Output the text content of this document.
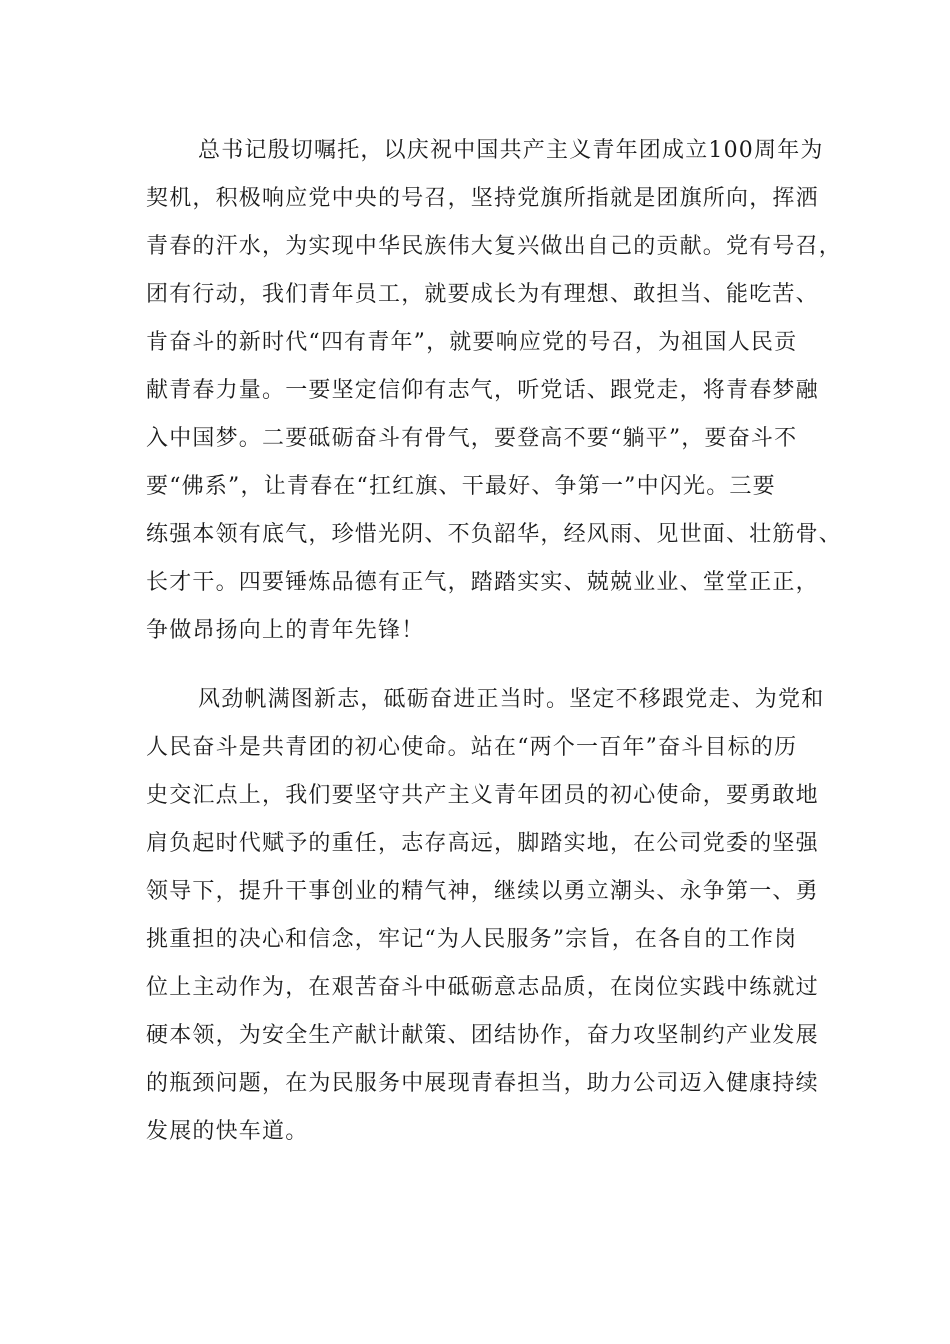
总书记殷切嘱托，以庆祝中国共产主义青年团成立100周年为
契机，积极响应党中央的号召，坚持党旗所指就是团旗所向，挥洒
青春的汗水，为实现中华民族伟大复兴做出自己的贡献。党有号召，
团有行动，我们青年员工，就要成长为有理想、敢担当、能吃苦、
肯奋斗的新时代“四有青年”，就要响应党的号召，为祖国人民贡
献青春力量。一要坚定信仰有志气，听党话、跟党走，将青春梦融
入中国梦。二要砥砺奋斗有骨气，要登高不要“躺平”，要奋斗不
要“佛系”，让青春在“扛红旗、干最好、争第一”中闪光。三要
练强本领有底气，珍惜光阴、不负韶华，经风雨、见世面、壮筋骨、
长才干。四要锤炼品德有正气，踏踏实实、兢兢业业、堂堂正正，
争做昂扬向上的青年先锋！
风劲帆满图新志，砥砺奋进正当时。坚定不移跟党走、为党和
人民奋斗是共青团的初心使命。站在“两个一百年”奋斗目标的历
史交汇点上，我们要坚守共产主义青年团员的初心使命，要勇敢地
肩负起时代赋予的重任，志存高远，脚踏实地，在公司党委的坚强
领导下，提升干事创业的精气神，继续以勇立潮头、永争第一、勇
挑重担的决心和信念，牢记“为人民服务”宗旨，在各自的工作岗
位上主动作为，在艰苦奋斗中砥砺意志品质，在岗位实践中练就过
硬本领，为安全生产献计献策、团结协作，奋力攻坚制约产业发展
的瓶颈问题，在为民服务中展现青春担当，助力公司迈入健康持续
发展的快车道。
